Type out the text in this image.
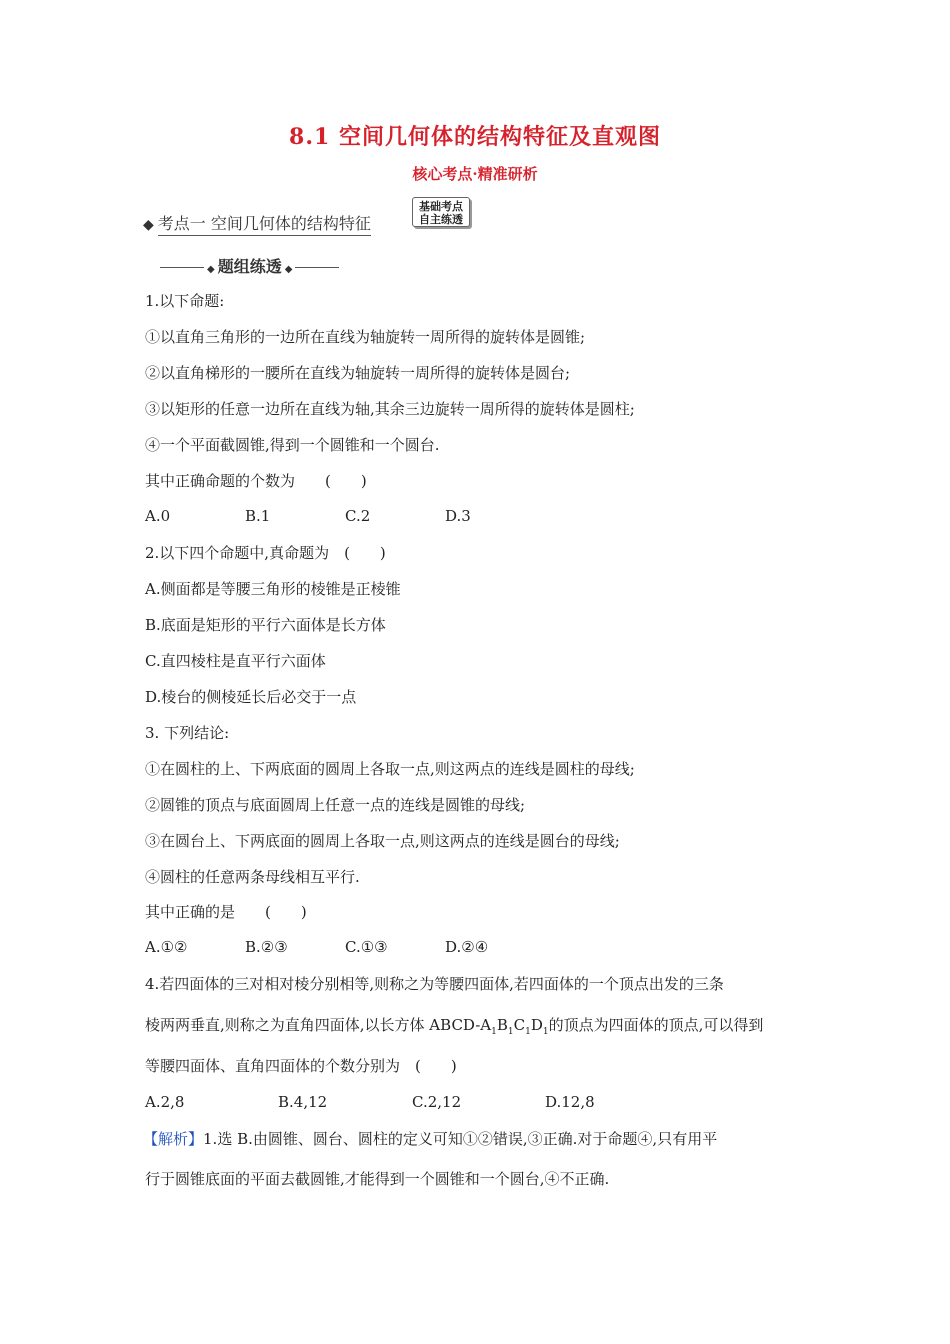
8.1 空间几何体的结构特征及直观图
核心考点·精准研析
◆ 考点一 空间几何体的结构特征
基础考点
自主练透
◆ 题组练透 ◆
1.以下命题:
①以直角三角形的一边所在直线为轴旋转一周所得的旋转体是圆锥;
②以直角梯形的一腰所在直线为轴旋转一周所得的旋转体是圆台;
③以矩形的任意一边所在直线为轴,其余三边旋转一周所得的旋转体是圆柱;
④一个平面截圆锥,得到一个圆锥和一个圆台.
其中正确命题的个数为　　(　　)
A.0	B.1	C.2	D.3
2.以下四个命题中,真命题为　(　　)
A.侧面都是等腰三角形的棱锥是正棱锥
B.底面是矩形的平行六面体是长方体
C.直四棱柱是直平行六面体
D.棱台的侧棱延长后必交于一点
3. 下列结论:
①在圆柱的上、下两底面的圆周上各取一点,则这两点的连线是圆柱的母线;
②圆锥的顶点与底面圆周上任意一点的连线是圆锥的母线;
③在圆台上、下两底面的圆周上各取一点,则这两点的连线是圆台的母线;
④圆柱的任意两条母线相互平行.
其中正确的是　　(　　)
A.①②	B.②③	C.①③	D.②④
4.若四面体的三对相对棱分别相等,则称之为等腰四面体,若四面体的一个顶点出发的三条
棱两两垂直,则称之为直角四面体,以长方体 ABCD-$A_1B_1C_1D_1$的顶点为四面体的顶点,可以得到
等腰四面体、直角四面体的个数分别为　(　　)
A.2,8	B.4,12	C.2,12	D.12,8
【解析】1.选 B.由圆锥、圆台、圆柱的定义可知①②错误,③正确.对于命题④,只有用平
行于圆锥底面的平面去截圆锥,才能得到一个圆锥和一个圆台,④不正确.
